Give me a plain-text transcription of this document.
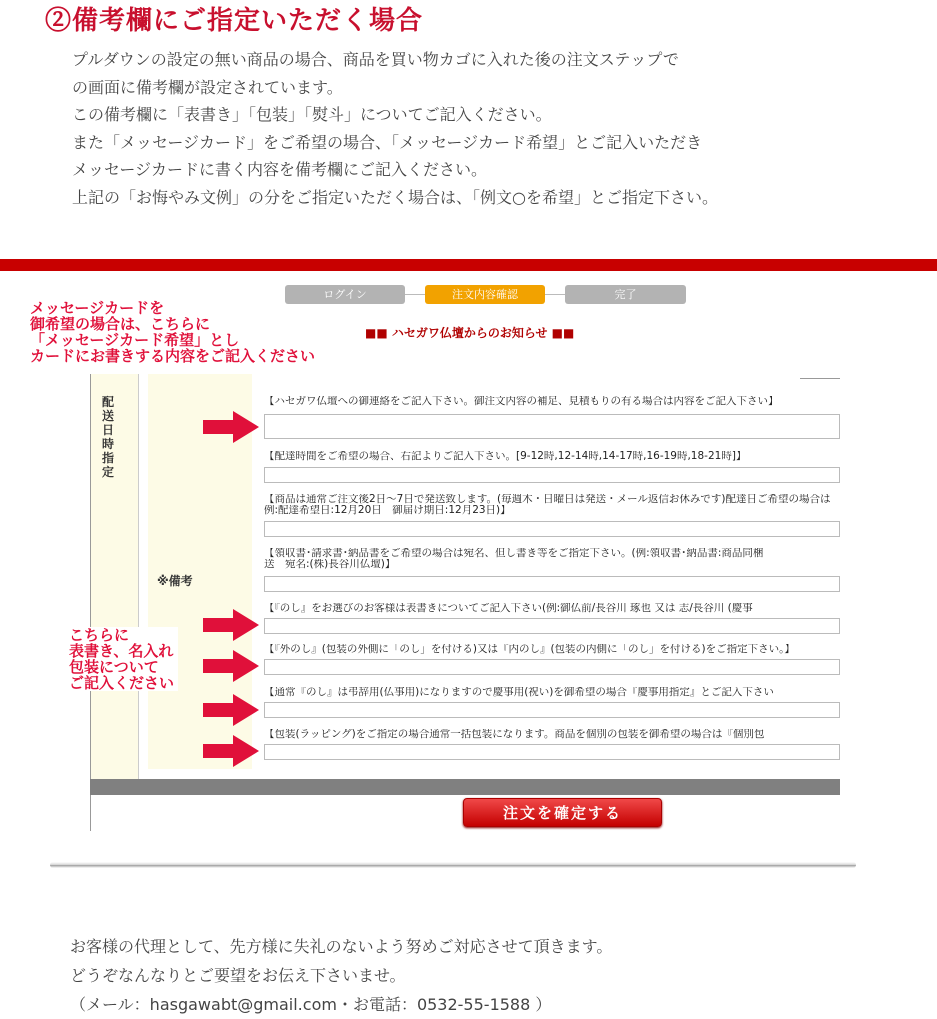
②備考欄にご指定いただく場合
プルダウンの設定の無い商品の場合、商品を買い物カゴに入れた後の注文ステップで
の画面に備考欄が設定されています。
この備考欄に「表書き」「包装」「熨斗」についてご記入ください。
また「メッセージカード」をご希望の場合、「メッセージカード希望」とご記入いただき
メッセージカードに書く内容を備考欄にご記入ください。
上記の「お悔やみ文例」の分をご指定いただく場合は、「例文○を希望」とご指定下さい。
ログイン	注文内容確認	完了
■■ ハセガワ仏壇からのお知らせ ■■
配送日時指定
※備考
【ハセガワ仏壇への御連絡をご記入下さい。御注文内容の補足、見積もりの有る場合は内容をご記入下さい】
【配達時間をご希望の場合、右記よりご記入下さい。[9-12時,12-14時,14-17時,16-19時,18-21時]】
【商品は通常ご注文後2日～7日で発送致します。(毎週木・日曜日は発送・メール返信お休みです)配達日ご希望の場合は
例:配達希望日:12月20日　御届け期日:12月23日)】
【領収書･請求書･納品書をご希望の場合は宛名、但し書き等をご指定下さい。(例:領収書･納品書:商品同梱
送　宛名:(株)長谷川仏壇)】
【『のし』をお選びのお客様は表書きについてご記入下さい(例:御仏前/長谷川 琢也 又は 志/長谷川 (慶事
【『外のし』(包装の外側に「のし」を付ける)又は『内のし』(包装の内側に「のし」を付ける)をご指定下さい。】
【通常『のし』は弔辞用(仏事用)になりますので慶事用(祝い)を御希望の場合『慶事用指定』とご記入下さい
【包装(ラッピング)をご指定の場合通常一括包装になります。商品を個別の包装を御希望の場合は『個別包
メッセージカードを
御希望の場合は、こちらに
「メッセージカード希望」とし
カードにお書きする内容をご記入ください
こちらに
表書き、名入れ
包装について
ご記入ください
注文を確定する
お客様の代理として、先方様に失礼のないよう努めご対応させて頂きます。
どうぞなんなりとご要望をお伝え下さいませ。
（メール：hasgawabt@gmail.com・お電話：0532-55-1588 ）
